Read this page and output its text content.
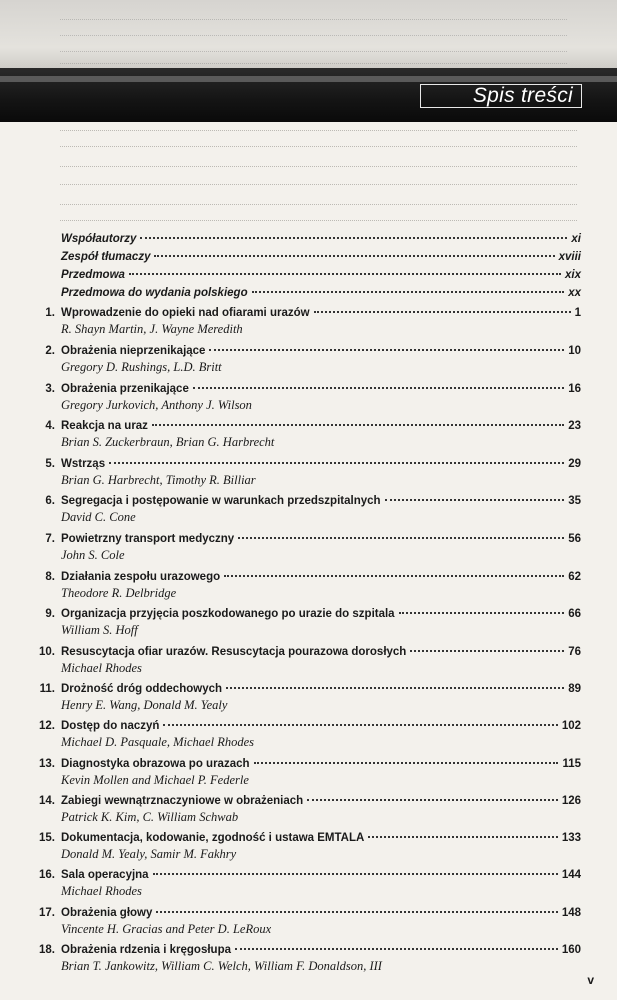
Spis treści
Współautorzy	xi
Zespół tłumaczy	xviii
Przedmowa	xix
Przedmowa do wydania polskiego	xx
1. Wprowadzenie do opieki nad ofiarami urazów	1
R. Shayn Martin, J. Wayne Meredith
2. Obrażenia nieprzenikające	10
Gregory D. Rushings, L.D. Britt
3. Obrażenia przenikające	16
Gregory Jurkovich, Anthony J. Wilson
4. Reakcja na uraz	23
Brian S. Zuckerbraun, Brian G. Harbrecht
5. Wstrząs	29
Brian G. Harbrecht, Timothy R. Billiar
6. Segregacja i postępowanie w warunkach przedszpitalnych	35
David C. Cone
7. Powietrzny transport medyczny	56
John S. Cole
8. Działania zespołu urazowego	62
Theodore R. Delbridge
9. Organizacja przyjęcia poszkodowanego po urazie do szpitala	66
William S. Hoff
10. Resuscytacja ofiar urazów. Resuscytacja pourazowa dorosłych	76
Michael Rhodes
11. Drożność dróg oddechowych	89
Henry E. Wang, Donald M. Yealy
12. Dostęp do naczyń	102
Michael D. Pasquale, Michael Rhodes
13. Diagnostyka obrazowa po urazach	115
Kevin Mollen and Michael P. Federle
14. Zabiegi wewnątrznaczyniowe w obrażeniach	126
Patrick K. Kim, C. William Schwab
15. Dokumentacja, kodowanie, zgodność i ustawa EMTALA	133
Donald M. Yealy, Samir M. Fakhry
16. Sala operacyjna	144
Michael Rhodes
17. Obrażenia głowy	148
Vincente H. Gracias and Peter D. LeRoux
18. Obrażenia rdzenia i kręgosłupa	160
Brian T. Jankowitz, William C. Welch, William F. Donaldson, III
v
